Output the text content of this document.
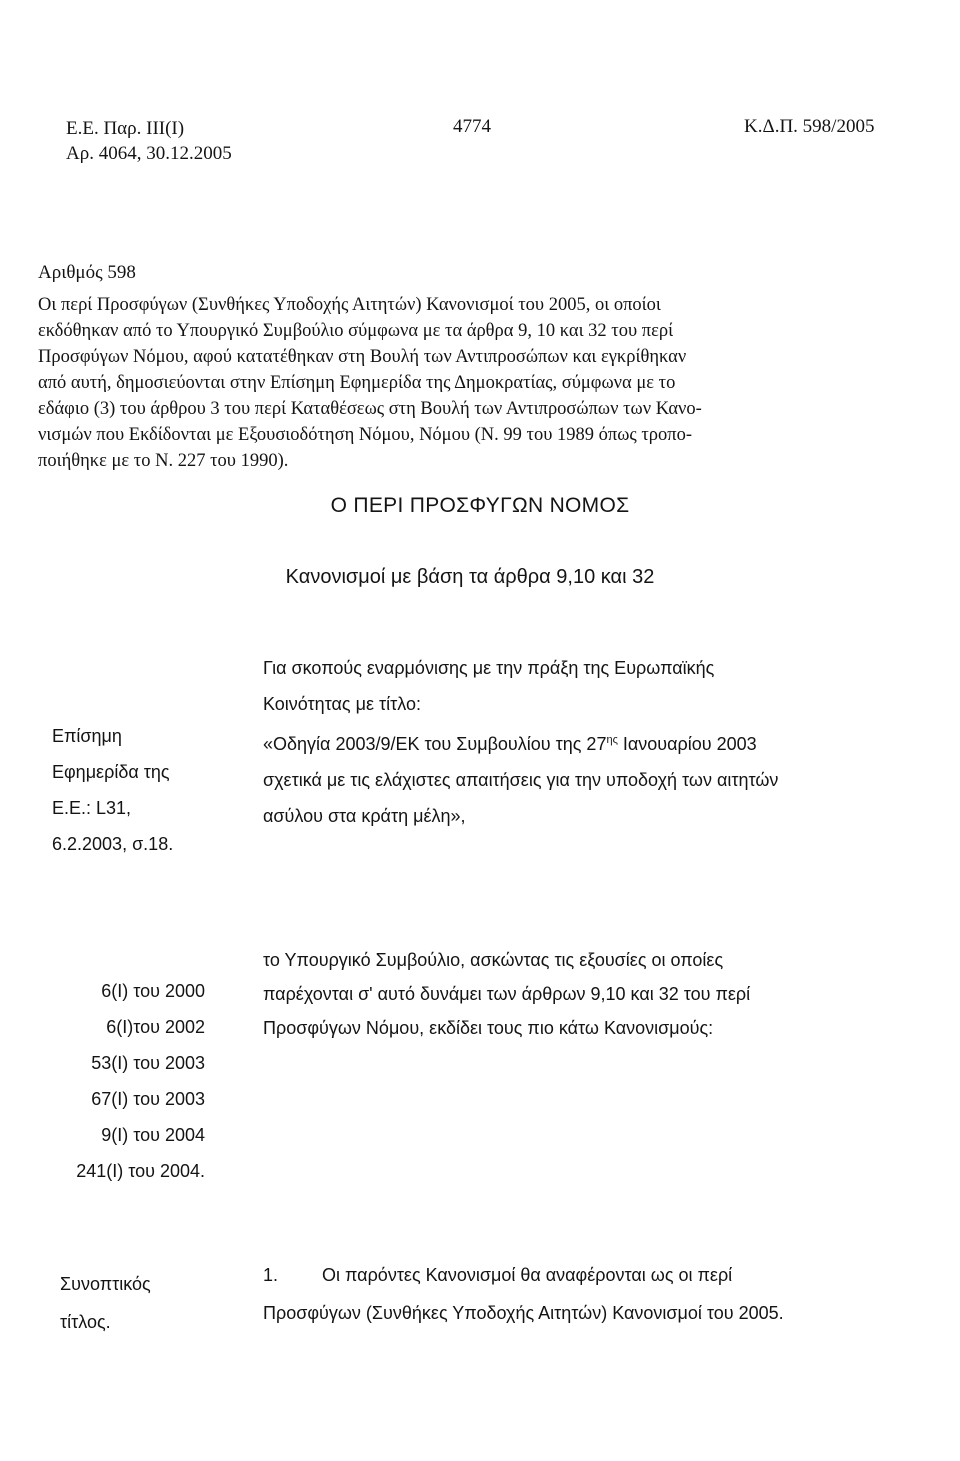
Ε.Ε. Παρ. ΙΙΙ(Ι)
Αρ. 4064, 30.12.2005
4774	Κ.Δ.Π. 598/2005
Αριθμός 598
Οι περί Προσφύγων (Συνθήκες Υποδοχής Αιτητών) Κανονισμοί του 2005, οι οποίοι
εκδόθηκαν από το Υπουργικό Συμβούλιο σύμφωνα με τα άρθρα 9, 10 και 32 του περί
Προσφύγων Νόμου, αφού κατατέθηκαν στη Βουλή των Αντιπροσώπων και εγκρίθηκαν
από αυτή, δημοσιεύονται στην Επίσημη Εφημερίδα της Δημοκρατίας, σύμφωνα με το
εδάφιο (3) του άρθρου 3 του περί Καταθέσεως στη Βουλή των Αντιπροσώπων των Κανο-
νισμών που Εκδίδονται με Εξουσιοδότηση Νόμου, Νόμου (Ν. 99 του 1989 όπως τροπο-
ποιήθηκε με το Ν. 227 του 1990).
Ο ΠΕΡΙ ΠΡΟΣΦΥΓΩΝ ΝΟΜΟΣ
Κανονισμοί με βάση τα άρθρα 9,10 και 32
Για σκοπούς εναρμόνισης με την πράξη της Ευρωπαϊκής
Κοινότητας με τίτλο:
«Οδηγία 2003/9/ΕΚ του Συμβουλίου της $27^{\eta\varsigma}$ Ιανουαρίου 2003
σχετικά με τις ελάχιστες απαιτήσεις για την υποδοχή των αιτητών
ασύλου στα κράτη μέλη»,
Επίσημη
Εφημερίδα της
Ε.Ε.: L31,
6.2.2003, σ.18.
το Υπουργικό Συμβούλιο, ασκώντας τις εξουσίες οι οποίες
παρέχονται σ' αυτό δυνάμει των άρθρων 9,10 και 32 του περί
Προσφύγων Νόμου, εκδίδει τους πιο κάτω Κανονισμούς:
6(Ι) του 2000
6(Ι)του 2002
53(Ι) του 2003
67(Ι) του 2003
9(Ι) του 2004
241(Ι) του 2004.
Συνοπτικός
τίτλος.
1. Οι παρόντες Κανονισμοί θα αναφέρονται ως οι περί
Προσφύγων (Συνθήκες Υποδοχής Αιτητών) Κανονισμοί του 2005.
